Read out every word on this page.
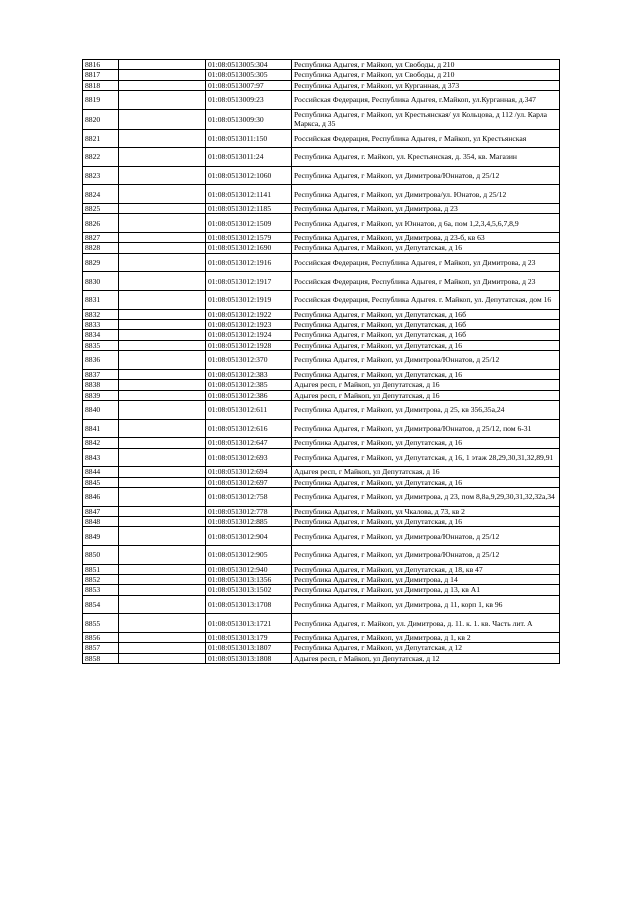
8816		01:08:0513005:304	Республика Адыгея, г Майкоп, ул Свободы, д 210
8817		01:08:0513005:305	Республика Адыгея, г Майкоп, ул Свободы, д 210
8818		01:08:0513007:97	Республика Адыгея, г Майкоп, ул Курганная, д 373
8819		01:08:0513009:23	Российская Федерация, Республика Адыгея, г.Майкоп, ул.Курганная, д.347
8820		01:08:0513009:30	Республика Адыгея, г Майкоп, ул Крестьянская/ ул Кольцова, д 112 /ул. Карла Маркса, д 35
8821		01:08:0513011:150	Российская Федерация, Республика Адыгея, г Майкоп, ул Крестьянская
8822		01:08:0513011:24	Республика Адыгея, г. Майкоп, ул. Крестьянская, д. 354, кв. Магазин
8823		01:08:0513012:1060	Республика Адыгея, г Майкоп, ул Димитрова/Юннатов, д 25/12
8824		01:08:0513012:1141	Республика Адыгея, г Майкоп, ул Димитрова/ул. Юнатов, д 25/12
8825		01:08:0513012:1185	Республика Адыгея, г Майкоп, ул Димитрова, д 23
8826		01:08:0513012:1509	Республика Адыгея, г Майкоп, ул Юннатов, д 6а, пом 1,2,3,4,5,6,7,8,9
8827		01:08:0513012:1579	Республика Адыгея, г Майкоп, ул Димитрова, д 23-б, кв 63
8828		01:08:0513012:1690	Республика Адыгея, г Майкоп, ул Депутатская, д 16
8829		01:08:0513012:1916	Российская Федерация, Республика Адыгея, г Майкоп, ул Димитрова, д 23
8830		01:08:0513012:1917	Российская Федерация, Республика Адыгея, г Майкоп, ул Димитрова, д 23
8831		01:08:0513012:1919	Российская Федерация, Республика Адыгея. г. Майкоп, ул. Депутатская, дом 16
8832		01:08:0513012:1922	Республика Адыгея, г Майкоп, ул Депутатская, д 16б
8833		01:08:0513012:1923	Республика Адыгея, г Майкоп, ул Депутатская, д 16б
8834		01:08:0513012:1924	Республика Адыгея, г Майкоп, ул Депутатская, д 16б
8835		01:08:0513012:1928	Республика Адыгея, г Майкоп, ул Депутатская, д 16
8836		01:08:0513012:370	Республика Адыгея, г Майкоп, ул Димитрова/Юннатов, д 25/12
8837		01:08:0513012:383	Республика Адыгея, г Майкоп, ул Депутатская, д 16
8838		01:08:0513012:385	Адыгея респ, г Майкоп, ул Депутатская, д 16
8839		01:08:0513012:386	Адыгея респ, г Майкоп, ул Депутатская, д 16
8840		01:08:0513012:611	Республика Адыгея, г Майкоп, ул Димитрова, д 25, кв 356,35а,24
8841		01:08:0513012:616	Республика Адыгея, г Майкоп, ул Димитрова/Юннатов, д 25/12, пом 6-31
8842		01:08:0513012:647	Республика Адыгея, г Майкоп, ул Депутатская, д 16
8843		01:08:0513012:693	Республика Адыгея, г Майкоп, ул Депутатская, д 16, 1 этаж 28,29,30,31,32,89,91
8844		01:08:0513012:694	Адыгея респ, г Майкоп, ул Депутатская, д 16
8845		01:08:0513012:697	Республика Адыгея, г Майкоп, ул Депутатская, д 16
8846		01:08:0513012:758	Республика Адыгея, г Майкоп, ул Димитрова, д 23, пом 8,8а,9,29,30,31,32,32а,34
8847		01:08:0513012:778	Республика Адыгея, г Майкоп, ул Чкалова, д 73, кв 2
8848		01:08:0513012:885	Республика Адыгея, г Майкоп, ул Депутатская, д 16
8849		01:08:0513012:904	Республика Адыгея, г Майкоп, ул Димитрова/Юннатов, д 25/12
8850		01:08:0513012:905	Республика Адыгея, г Майкоп, ул Димитрова/Юннатов, д 25/12
8851		01:08:0513012:940	Республика Адыгея, г Майкоп, ул Депутатская, д 18, кв 47
8852		01:08:0513013:1356	Республика Адыгея, г Майкоп, ул Димитрова, д 14
8853		01:08:0513013:1502	Республика Адыгея, г Майкоп, ул Димитрова, д 13, кв А1
8854		01:08:0513013:1708	Республика Адыгея, г Майкоп, ул Димитрова, д 11, корп 1, кв 96
8855		01:08:0513013:1721	Республика Адыгея, г. Майкоп, ул. Димитрова, д. 11. к. 1. кв. Часть лит. А
8856		01:08:0513013:179	Республика Адыгея, г Майкоп, ул Димитрова, д 1, кв 2
8857		01:08:0513013:1807	Республика Адыгея, г Майкоп, ул Депутатская, д 12
8858		01:08:0513013:1808	Адыгея респ, г Майкоп, ул Депутатская, д 12
